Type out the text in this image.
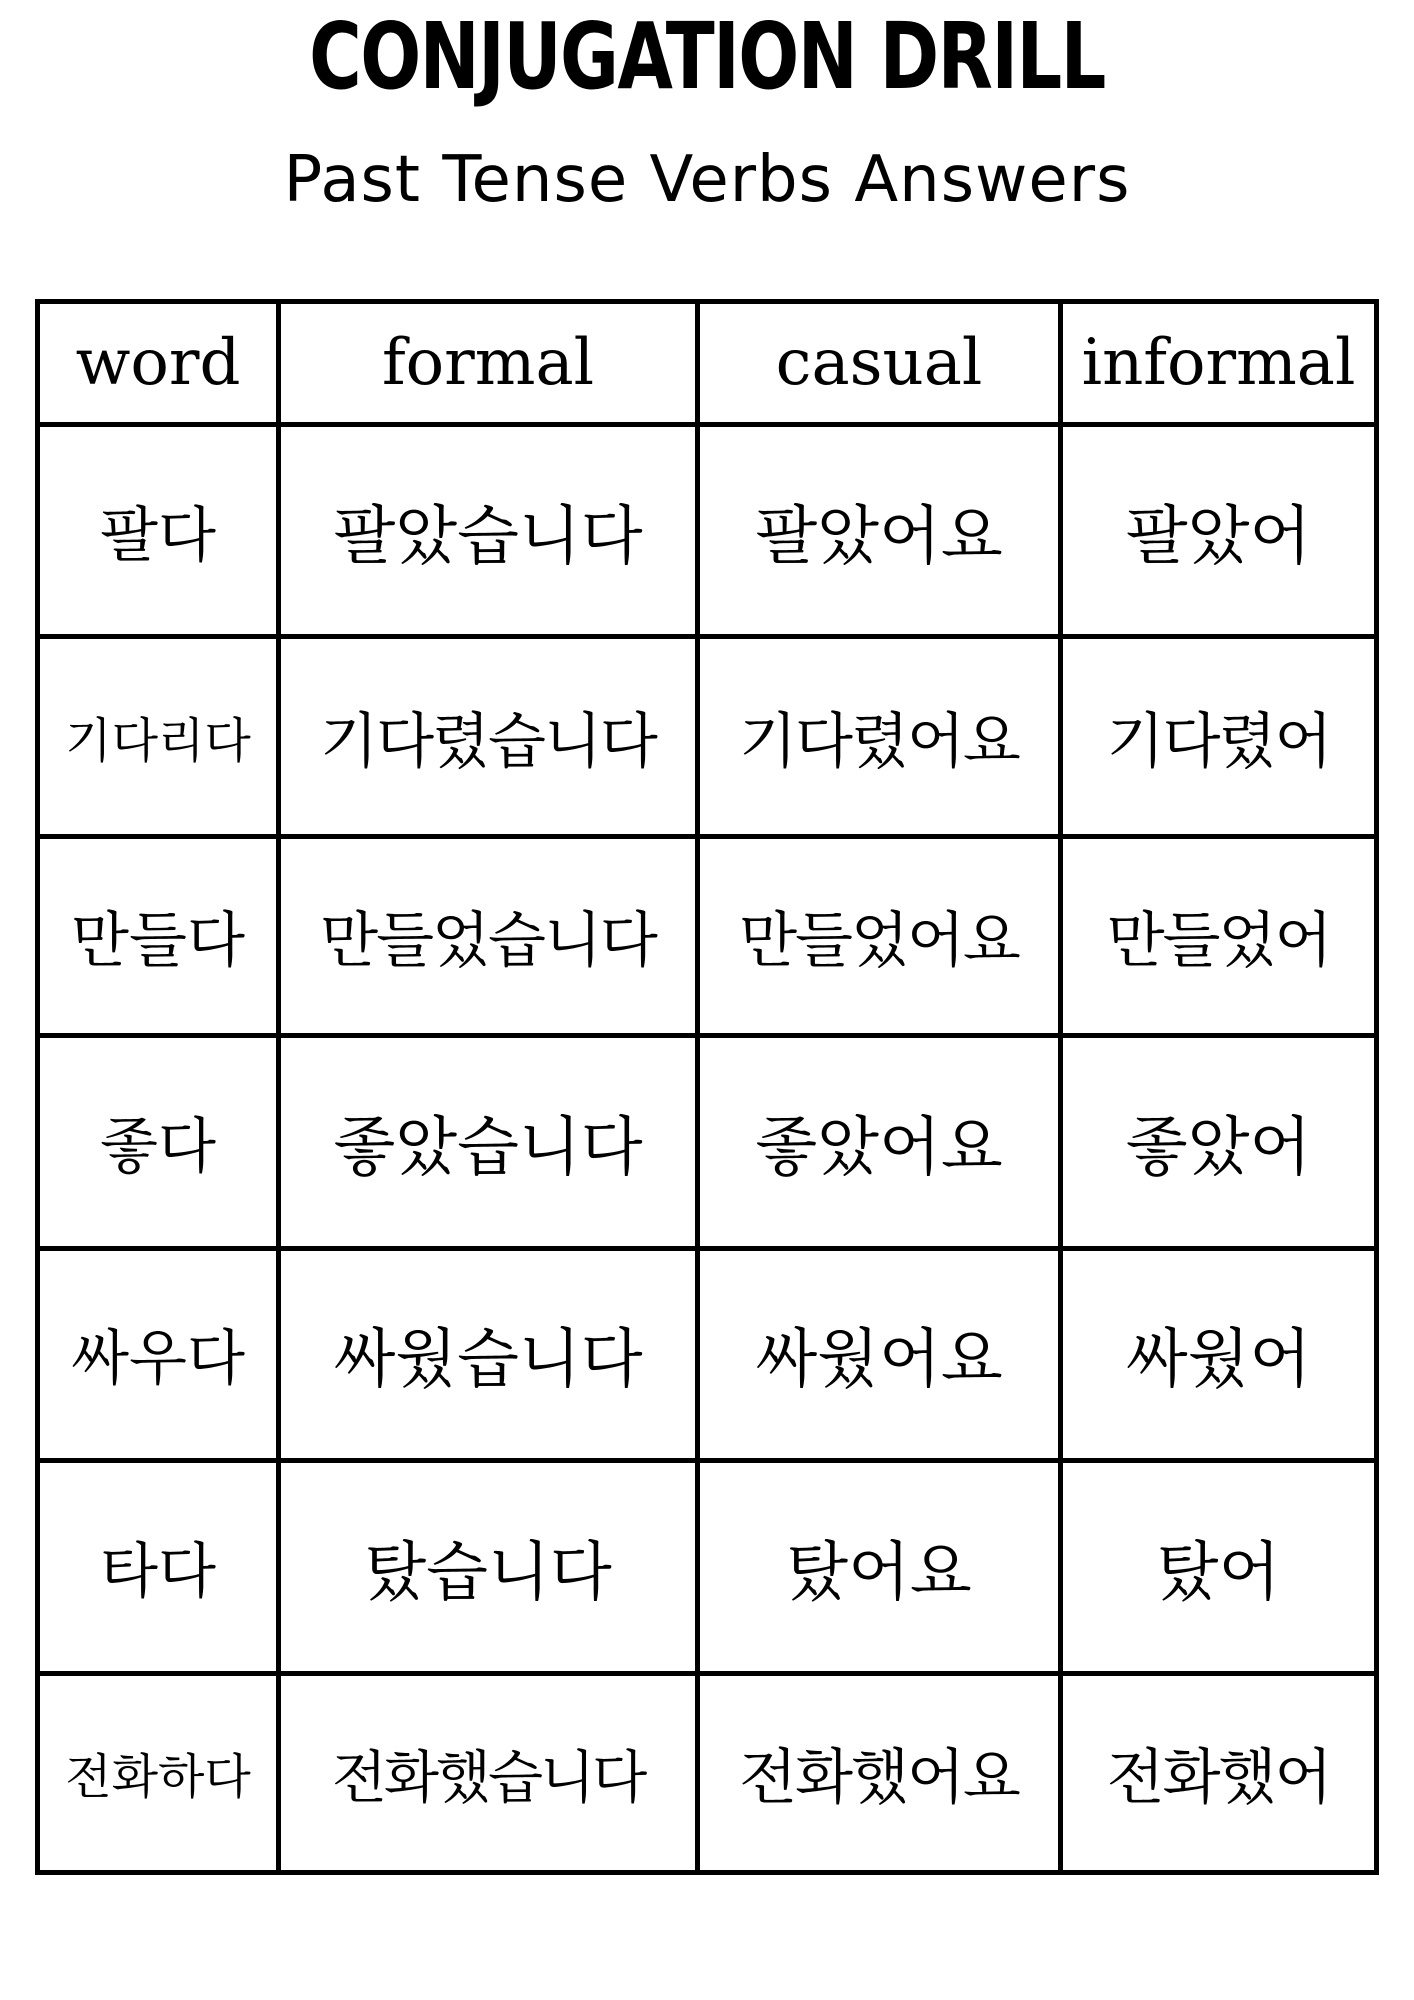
CONJUGATION DRILL
Past Tense Verbs Answers
word	formal	casual	informal
팔다	팔았습니다	팔았어요	팔았어
기다리다	기다렸습니다	기다렸어요	기다렸어
만들다	만들었습니다	만들었어요	만들었어
좋다	좋았습니다	좋았어요	좋았어
싸우다	싸웠습니다	싸웠어요	싸웠어
타다	탔습니다	탔어요	탔어
전화하다	전화했습니다	전화했어요	전화했어
